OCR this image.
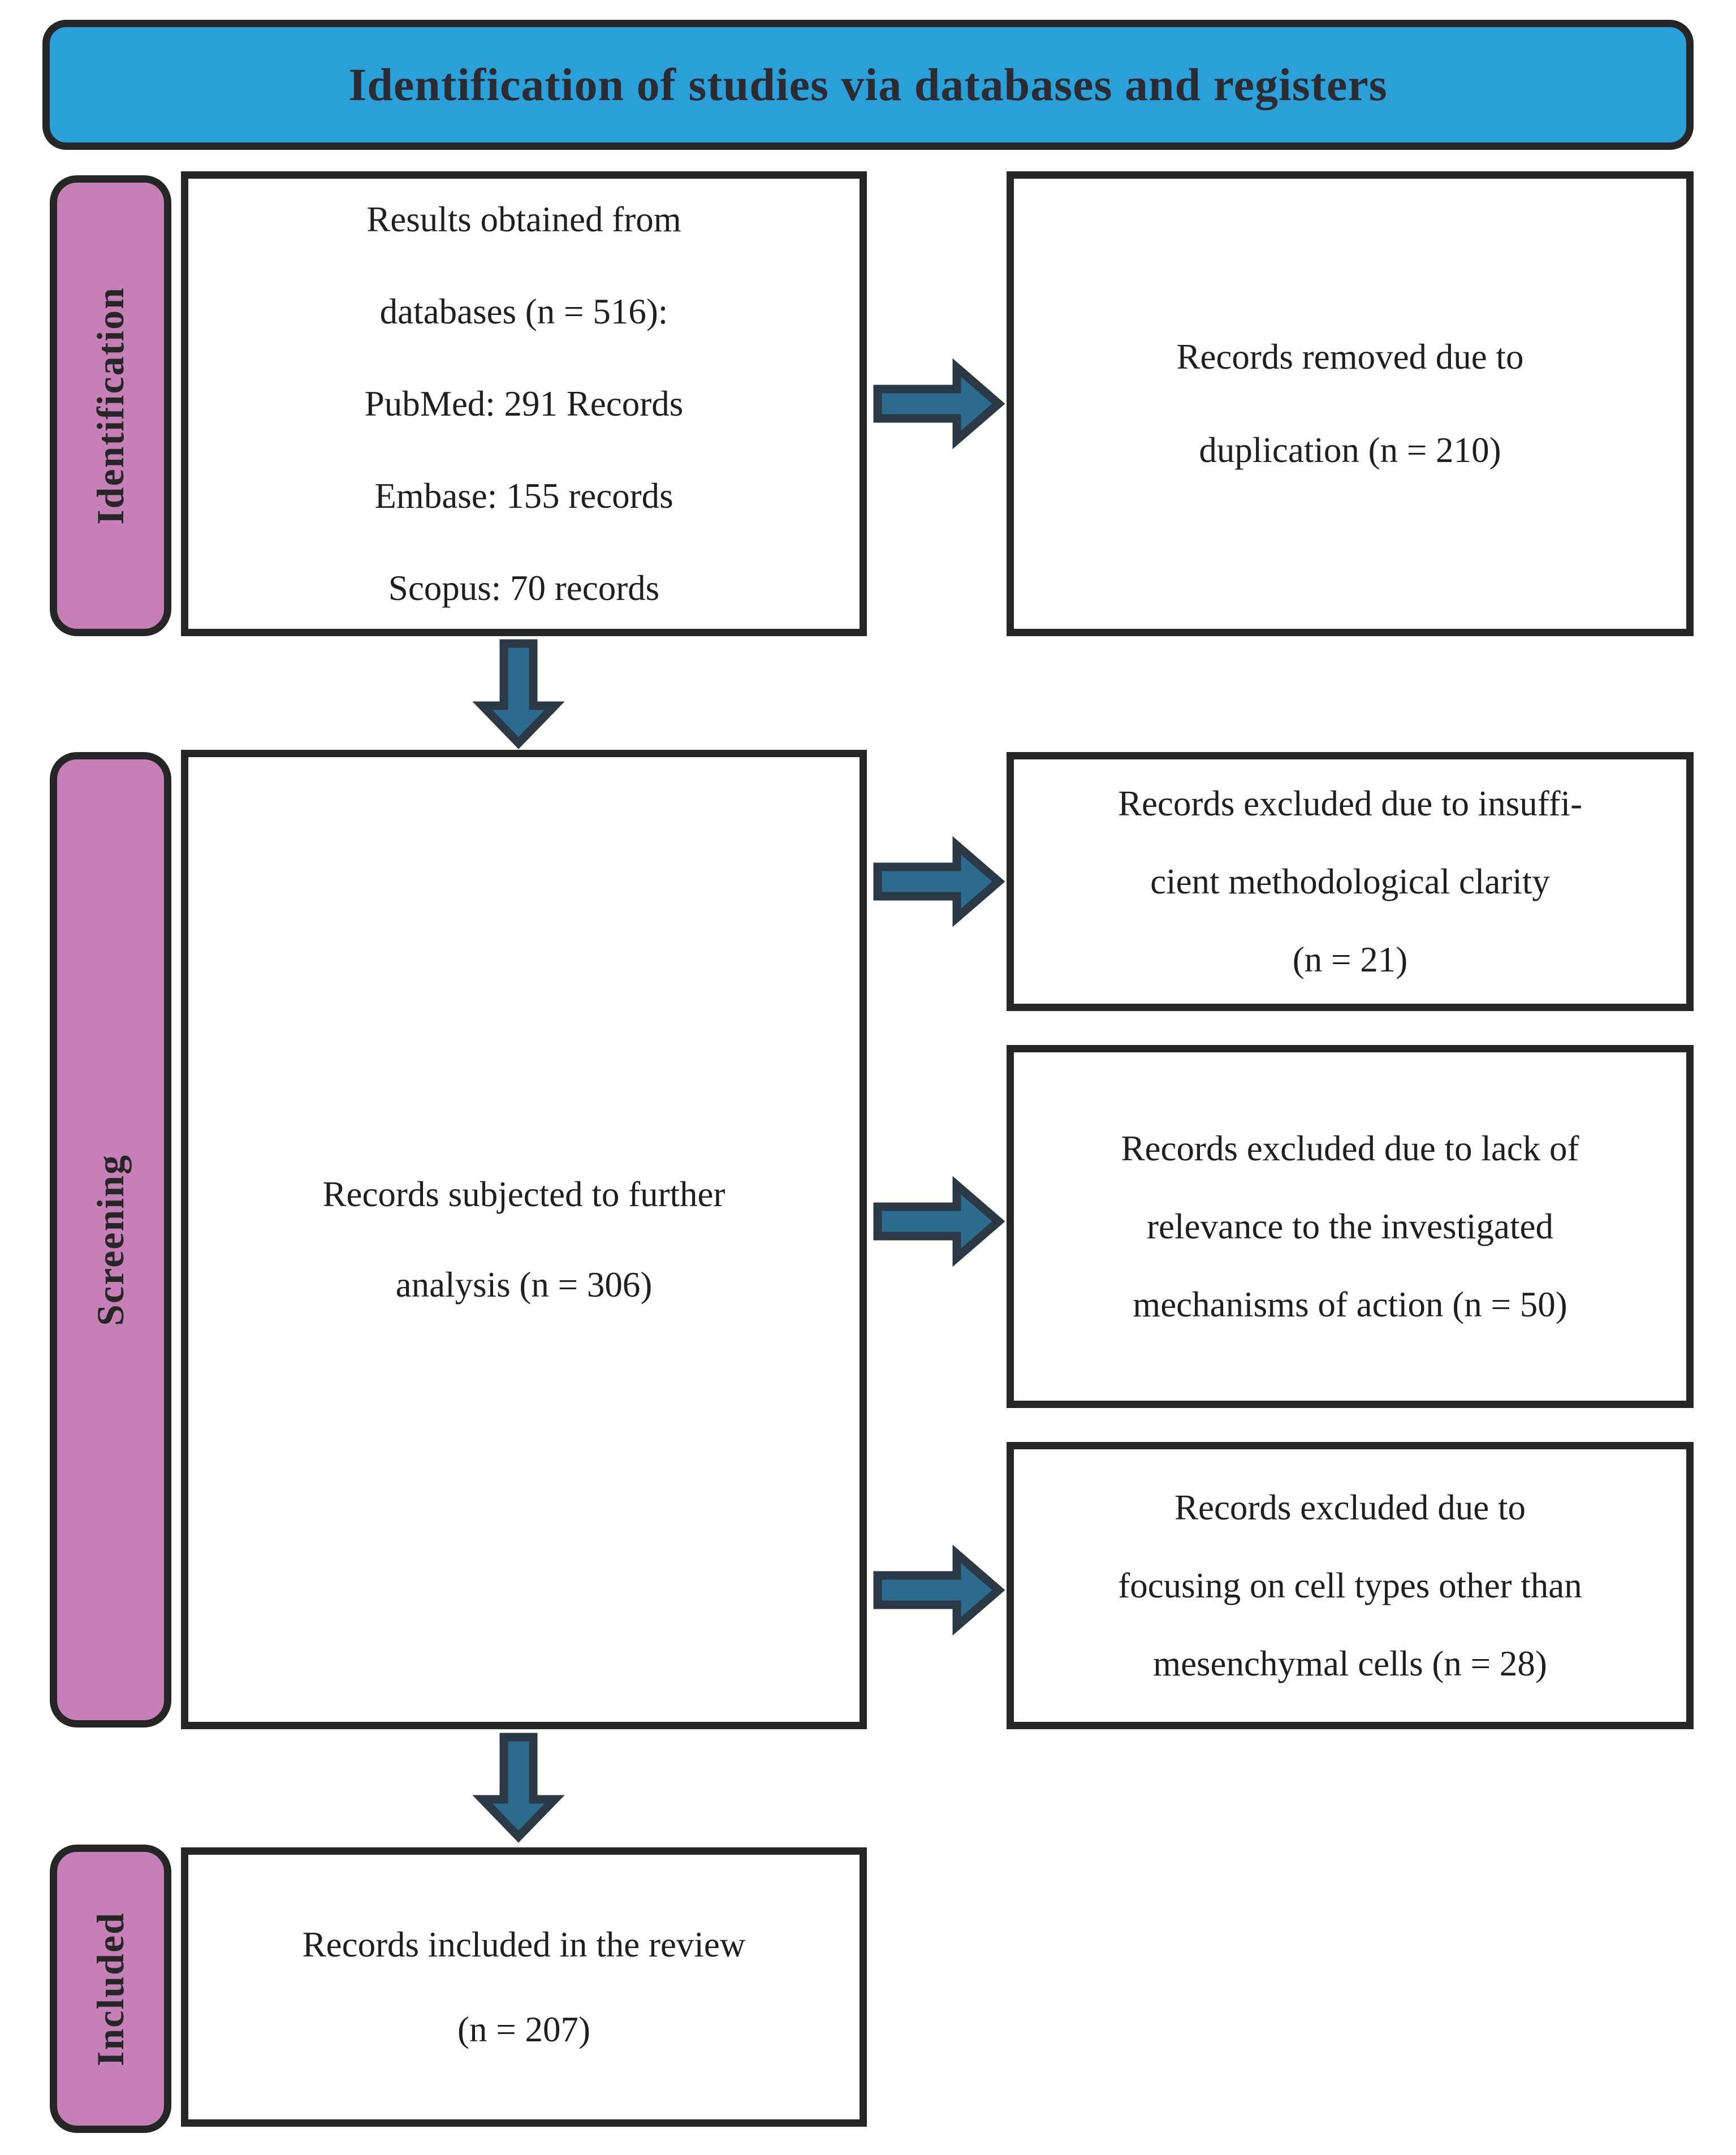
Identification of studies via databases and registers
Identification
Screening
Included
Results obtained from
databases (n = 516):
PubMed: 291 Records
Embase: 155 records
Scopus: 70 records
Records removed due to
duplication (n = 210)
Records subjected to further
analysis (n = 306)
Records excluded due to insuffi-
cient methodological clarity
(n = 21)
Records excluded due to lack of
relevance to the investigated
mechanisms of action (n = 50)
Records excluded due to
focusing on cell types other than
mesenchymal cells (n = 28)
Records included in the review
(n = 207)
